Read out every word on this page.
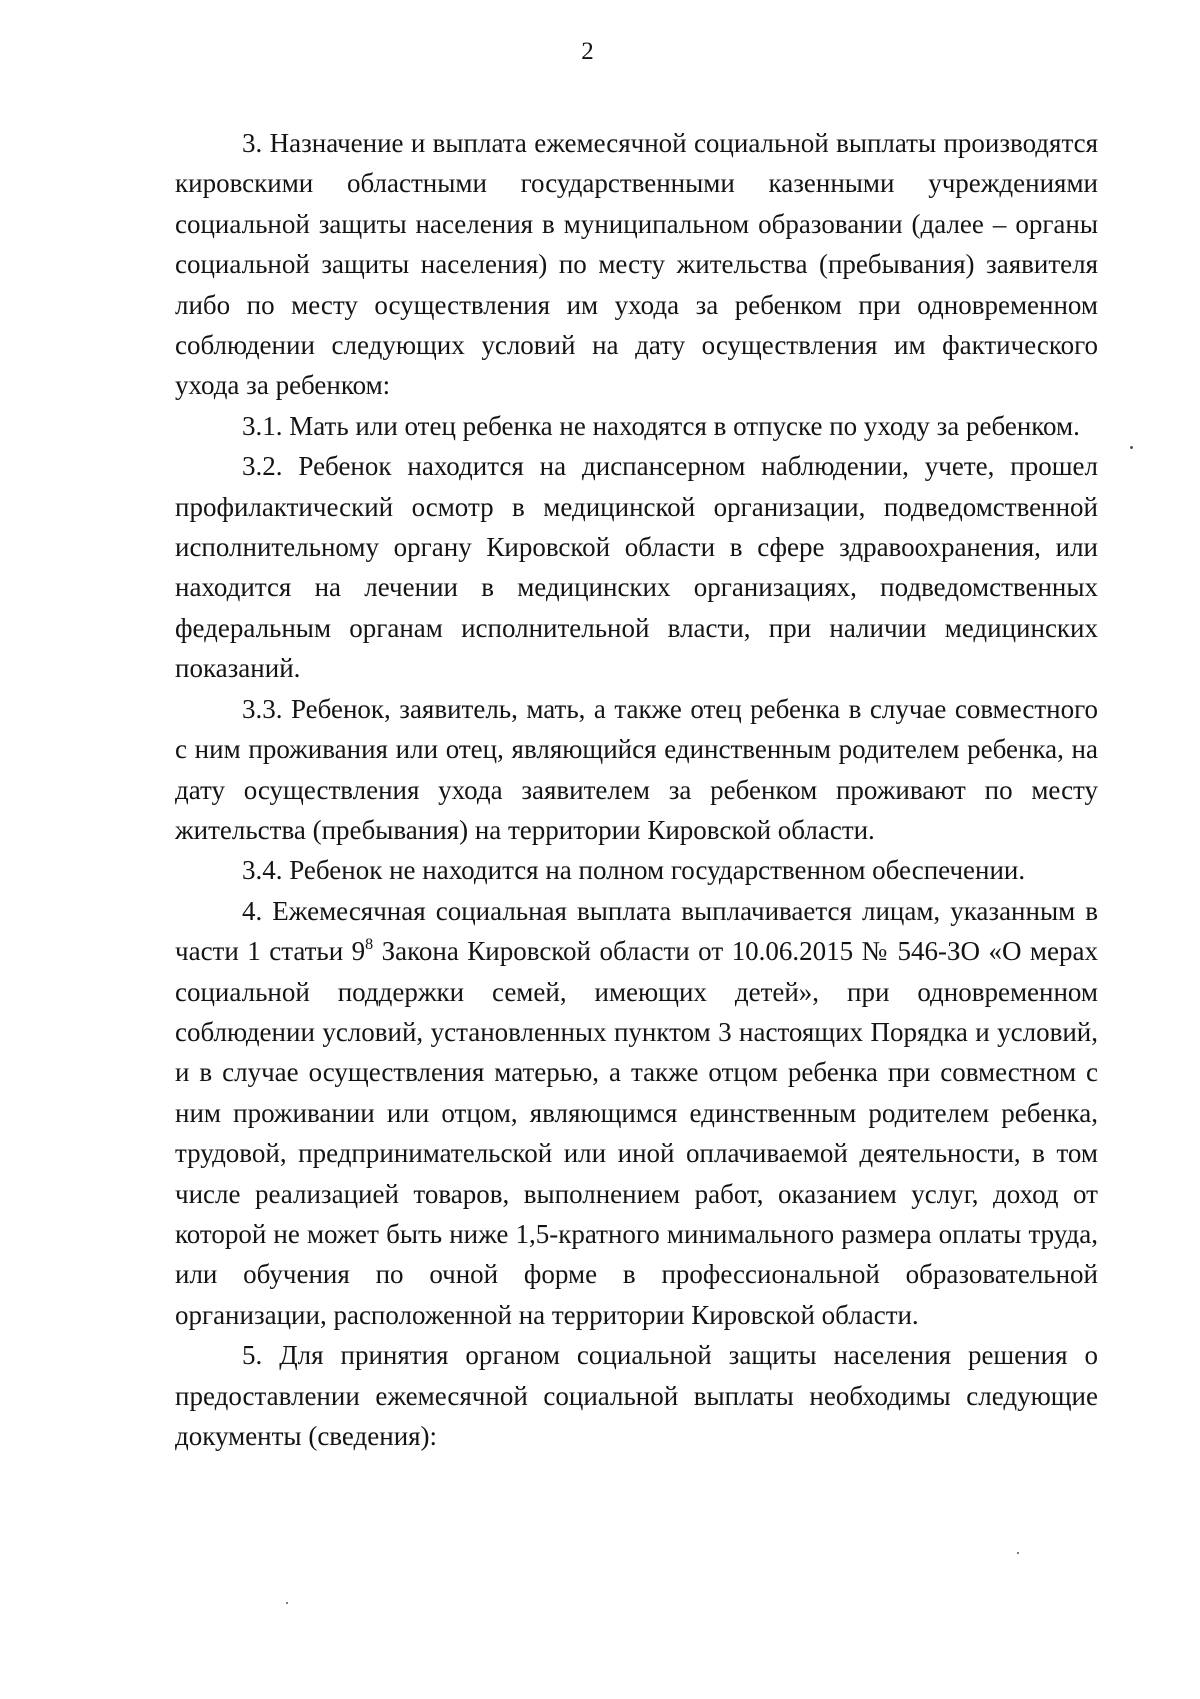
2

3. Назначение и выплата ежемесячной социальной выплаты производятся кировскими областными государственными казенными учреждениями социальной защиты населения в муниципальном образовании (далее – органы социальной защиты населения) по месту жительства (пребывания) заявителя либо по месту осуществления им ухода за ребенком при одновременном соблюдении следующих условий на дату осуществления им фактического ухода за ребенком:

3.1. Мать или отец ребенка не находятся в отпуске по уходу за ребенком.

3.2. Ребенок находится на диспансерном наблюдении, учете, прошел профилактический осмотр в медицинской организации, подведомственной исполнительному органу Кировской области в сфере здравоохранения, или находится на лечении в медицинских организациях, подведомственных федеральным органам исполнительной власти, при наличии медицинских показаний.

3.3. Ребенок, заявитель, мать, а также отец ребенка в случае совместного с ним проживания или отец, являющийся единственным родителем ребенка, на дату осуществления ухода заявителем за ребенком проживают по месту жительства (пребывания) на территории Кировской области.

3.4. Ребенок не находится на полном государственном обеспечении.

4. Ежемесячная социальная выплата выплачивается лицам, указанным в части 1 статьи $9^8$ Закона Кировской области от 10.06.2015 № 546-ЗО «О мерах социальной поддержки семей, имеющих детей», при одновременном соблюдении условий, установленных пунктом 3 настоящих Порядка и условий, и в случае осуществления матерью, а также отцом ребенка при совместном с ним проживании или отцом, являющимся единственным родителем ребенка, трудовой, предпринимательской или иной оплачиваемой деятельности, в том числе реализацией товаров, выполнением работ, оказанием услуг, доход от которой не может быть ниже 1,5-кратного минимального размера оплаты труда, или обучения по очной форме в профессиональной образовательной организации, расположенной на территории Кировской области.

5. Для принятия органом социальной защиты населения решения о предоставлении ежемесячной социальной выплаты необходимы следующие документы (сведения):
